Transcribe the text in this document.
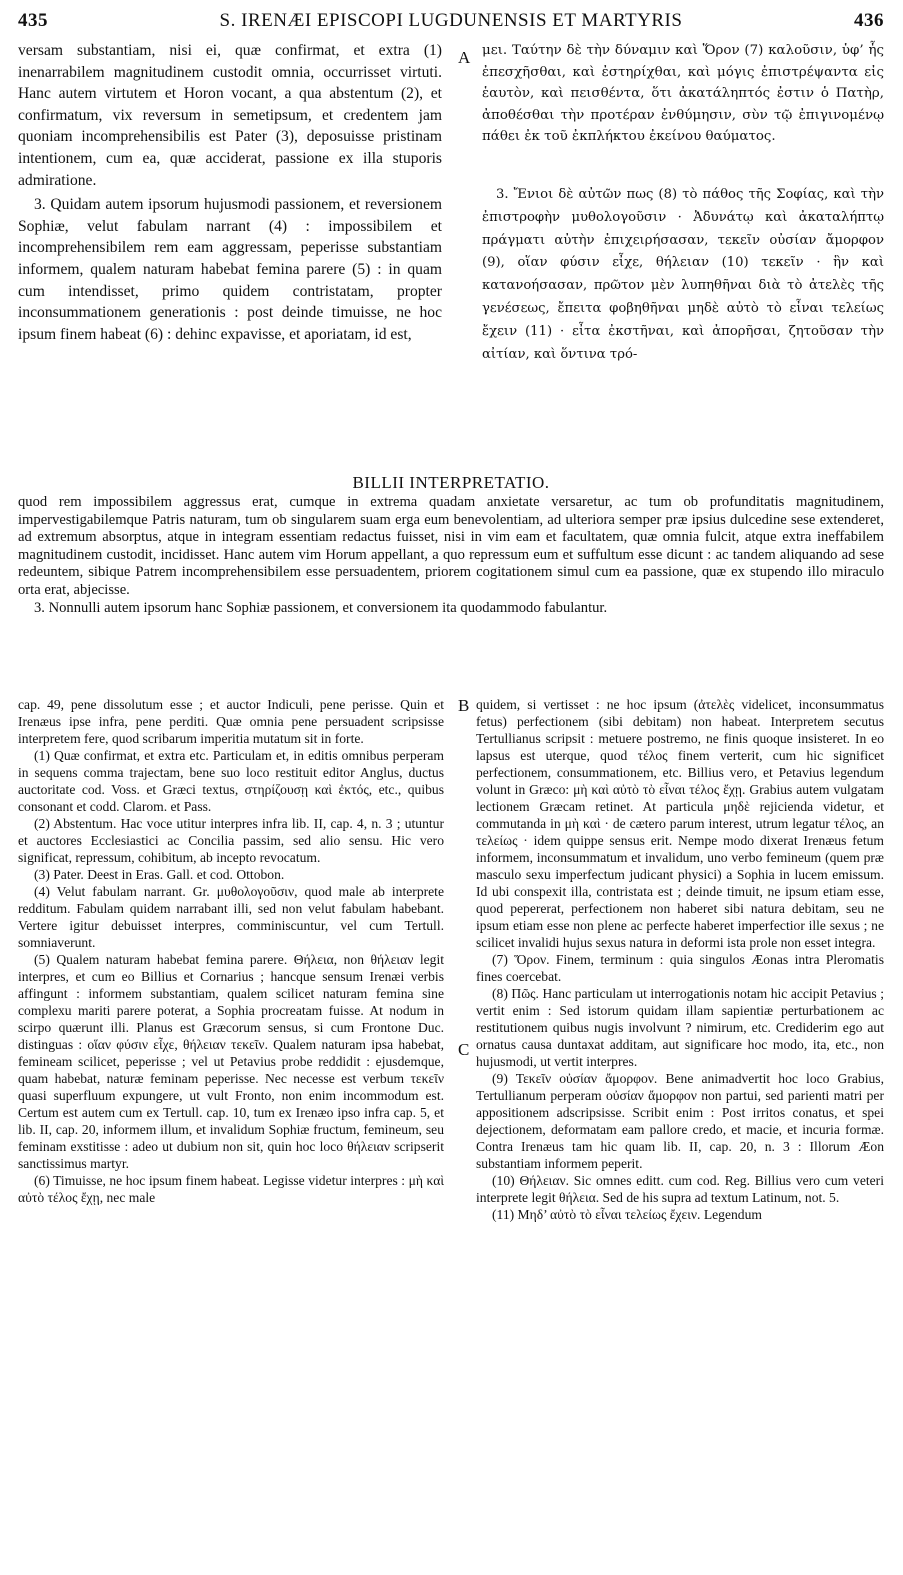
435	S. IRENÆI EPISCOPI LUGDUNENSIS ET MARTYRIS	436
A
B
C

versam substantiam, nisi ei, quæ confirmat, et extra (1) inenarrabilem magnitudinem custodit omnia, occurrisset virtuti. Hanc autem virtutem et Horon vocant, a qua abstentum (2), et confirmatum, vix reversum in semetipsum, et credentem jam quoniam incomprehensibilis est Pater (3), deposuisse pristinam intentionem, cum ea, quæ acciderat, passione ex illa stuporis admiratione.

3. Quidam autem ipsorum hujusmodi passionem, et reversionem Sophiæ, velut fabulam narrant (4) : impossibilem et incomprehensibilem rem eam aggressam, peperisse substantiam informem, qualem naturam habebat femina parere (5) : in quam cum intendisset, primo quidem contristatam, propter inconsummationem generationis : post deinde timuisse, ne hoc ipsum finem habeat (6) : dehinc expavisse, et aporiatam, id est,

μει. Ταύτην δὲ τὴν δύναμιν καὶ Ὅρον (7) καλοῦσιν, ὑφ’ ἧς ἐπεσχῆσθαι, καὶ ἐστηρίχθαι, καὶ μόγις ἐπιστρέψαντα εἰς ἑαυτὸν, καὶ πεισθέντα, ὅτι ἀκατάληπτός ἐστιν ὁ Πατὴρ, ἀποθέσθαι τὴν προτέραν ἐνθύμησιν, σὺν τῷ ἐπιγινομένῳ πάθει ἐκ τοῦ ἐκπλήκτου ἐκείνου θαύματος.

3. Ἔνιοι δὲ αὐτῶν πως (8) τὸ πάθος τῆς Σοφίας, καὶ τὴν ἐπιστροφὴν μυθολογοῦσιν · Ἀδυνάτῳ καὶ ἀκαταλήπτῳ πράγματι αὐτὴν ἐπιχειρήσασαν, τεκεῖν οὐσίαν ἄμορφον (9), οἵαν φύσιν εἶχε, θήλειαν (10) τεκεῖν · ἣν καὶ κατανοήσασαν, πρῶτον μὲν λυπηθῆναι διὰ τὸ ἀτελὲς τῆς γενέσεως, ἔπειτα φοβηθῆναι μηδὲ αὐτὸ τὸ εἶναι τελείως ἔχειν (11) · εἶτα ἐκστῆναι, καὶ ἀπορῆσαι, ζητοῦσαν τὴν αἰτίαν, καὶ ὅντινα τρό-

BILLII INTERPRETATIO.

quod rem impossibilem aggressus erat, cumque in extrema quadam anxietate versaretur, ac tum ob profunditatis magnitudinem, impervestigabilemque Patris naturam, tum ob singularem suam erga eum benevolentiam, ad ulteriora semper præ ipsius dulcedine sese extenderet, ad extremum absorptus, atque in integram essentiam redactus fuisset, nisi in vim eam et facultatem, quæ omnia fulcit, atque extra ineffabilem magnitudinem custodit, incidisset. Hanc autem vim Horum appellant, a quo repressum eum et suffultum esse dicunt : ac tandem aliquando ad sese redeuntem, sibique Patrem incomprehensibilem esse persuadentem, priorem cogitationem simul cum ea passione, quæ ex stupendo illo miraculo orta erat, abjecisse.

3. Nonnulli autem ipsorum hanc Sophiæ passionem, et conversionem ita quodammodo fabulantur.

cap. 49, pene dissolutum esse ; et auctor Indiculi, pene perisse. Quin et Irenæus ipse infra, pene perditi. Quæ omnia pene persuadent scripsisse interpretem fere, quod scribarum imperitia mutatum sit in forte.

(1) Quæ confirmat, et extra etc. Particulam et, in editis omnibus perperam in sequens comma trajectam, bene suo loco restituit editor Anglus, ductus auctoritate cod. Voss. et Græci textus, στηρίζουσῃ καὶ ἐκτός, etc., quibus consonant et codd. Clarom. et Pass.

(2) Abstentum. Hac voce utitur interpres infra lib. II, cap. 4, n. 3 ; utuntur et auctores Ecclesiastici ac Concilia passim, sed alio sensu. Hic vero significat, repressum, cohibitum, ab incepto revocatum.

(3) Pater. Deest in Eras. Gall. et cod. Ottobon.

(4) Velut fabulam narrant. Gr. μυθολογοῦσιν, quod male ab interprete redditum. Fabulam quidem narrabant illi, sed non velut fabulam habebant. Vertere igitur debuisset interpres, comminiscuntur, vel cum Tertull. somniaverunt.

(5) Qualem naturam habebat femina parere. Θήλεια, non θήλειαν legit interpres, et cum eo Billius et Cornarius ; hancque sensum Irenæi verbis affingunt : informem substantiam, qualem scilicet naturam femina sine complexu mariti parere poterat, a Sophia procreatam fuisse. At nodum in scirpo quærunt illi. Planus est Græcorum sensus, si cum Frontone Duc. distinguas : οἵαν φύσιν εἶχε, θήλειαν τεκεῖν. Qualem naturam ipsa habebat, femineam scilicet, peperisse ; vel ut Petavius probe reddidit : ejusdemque, quam habebat, naturæ feminam peperisse. Nec necesse est verbum τεκεῖν quasi superfluum expungere, ut vult Fronto, non enim incommodum est. Certum est autem cum ex Tertull. cap. 10, tum ex Irenæo ipso infra cap. 5, et lib. II, cap. 20, informem illum, et invalidum Sophiæ fructum, femineum, seu feminam exstitisse : adeo ut dubium non sit, quin hoc loco θήλειαν scripserit sanctissimus martyr.

(6) Timuisse, ne hoc ipsum finem habeat. Legisse videtur interpres : μὴ καὶ αὐτὸ τέλος ἔχῃ, nec male

quidem, si vertisset : ne hoc ipsum (ἀτελὲς videlicet, inconsummatus fetus) perfectionem (sibi debitam) non habeat. Interpretem secutus Tertullianus scripsit : metuere postremo, ne finis quoque insisteret. In eo lapsus est uterque, quod τέλος finem verterit, cum hic significet perfectionem, consummationem, etc. Billius vero, et Petavius legendum volunt in Græco: μὴ καὶ αὐτὸ τὸ εἶναι τέλος ἔχῃ. Grabius autem vulgatam lectionem Græcam retinet. At particula μηδὲ rejicienda videtur, et commutanda in μὴ καὶ · de cætero parum interest, utrum legatur τέλος, an τελείως · idem quippe sensus erit. Nempe modo dixerat Irenæus fetum informem, inconsummatum et invalidum, uno verbo femineum (quem præ masculo sexu imperfectum judicant physici) a Sophia in lucem emissum. Id ubi conspexit illa, contristata est ; deinde timuit, ne ipsum etiam esse, quod pepererat, perfectionem non haberet sibi natura debitam, seu ne ipsum etiam esse non plene ac perfecte haberet imperfectior ille sexus ; ne scilicet invalidi hujus sexus natura in deformi ista prole non esset integra.

(7) Ὅρον. Finem, terminum : quia singulos Æonas intra Pleromatis fines coercebat.

(8) Πῶς. Hanc particulam ut interrogationis notam hic accipit Petavius ; vertit enim : Sed istorum quidam illam sapientiæ perturbationem ac restitutionem quibus nugis involvunt ? nimirum, etc. Crediderim ego aut ornatus causa duntaxat additam, aut significare hoc modo, ita, etc., non hujusmodi, ut vertit interpres.

(9) Τεκεῖν οὐσίαν ἄμορφον. Bene animadvertit hoc loco Grabius, Tertullianum perperam οὐσίαν ἄμορφον non partui, sed parienti matri per appositionem adscripsisse. Scribit enim : Post irritos conatus, et spei dejectionem, deformatam eam pallore credo, et macie, et incuria formæ. Contra Irenæus tam hic quam lib. II, cap. 20, n. 3 : Illorum Æon substantiam informem peperit.

(10) Θήλειαν. Sic omnes editt. cum cod. Reg. Billius vero cum veteri interprete legit θήλεια. Sed de his supra ad textum Latinum, not. 5.

(11) Μηδ’ αὐτὸ τὸ εἶναι τελείως ἔχειν. Legendum
